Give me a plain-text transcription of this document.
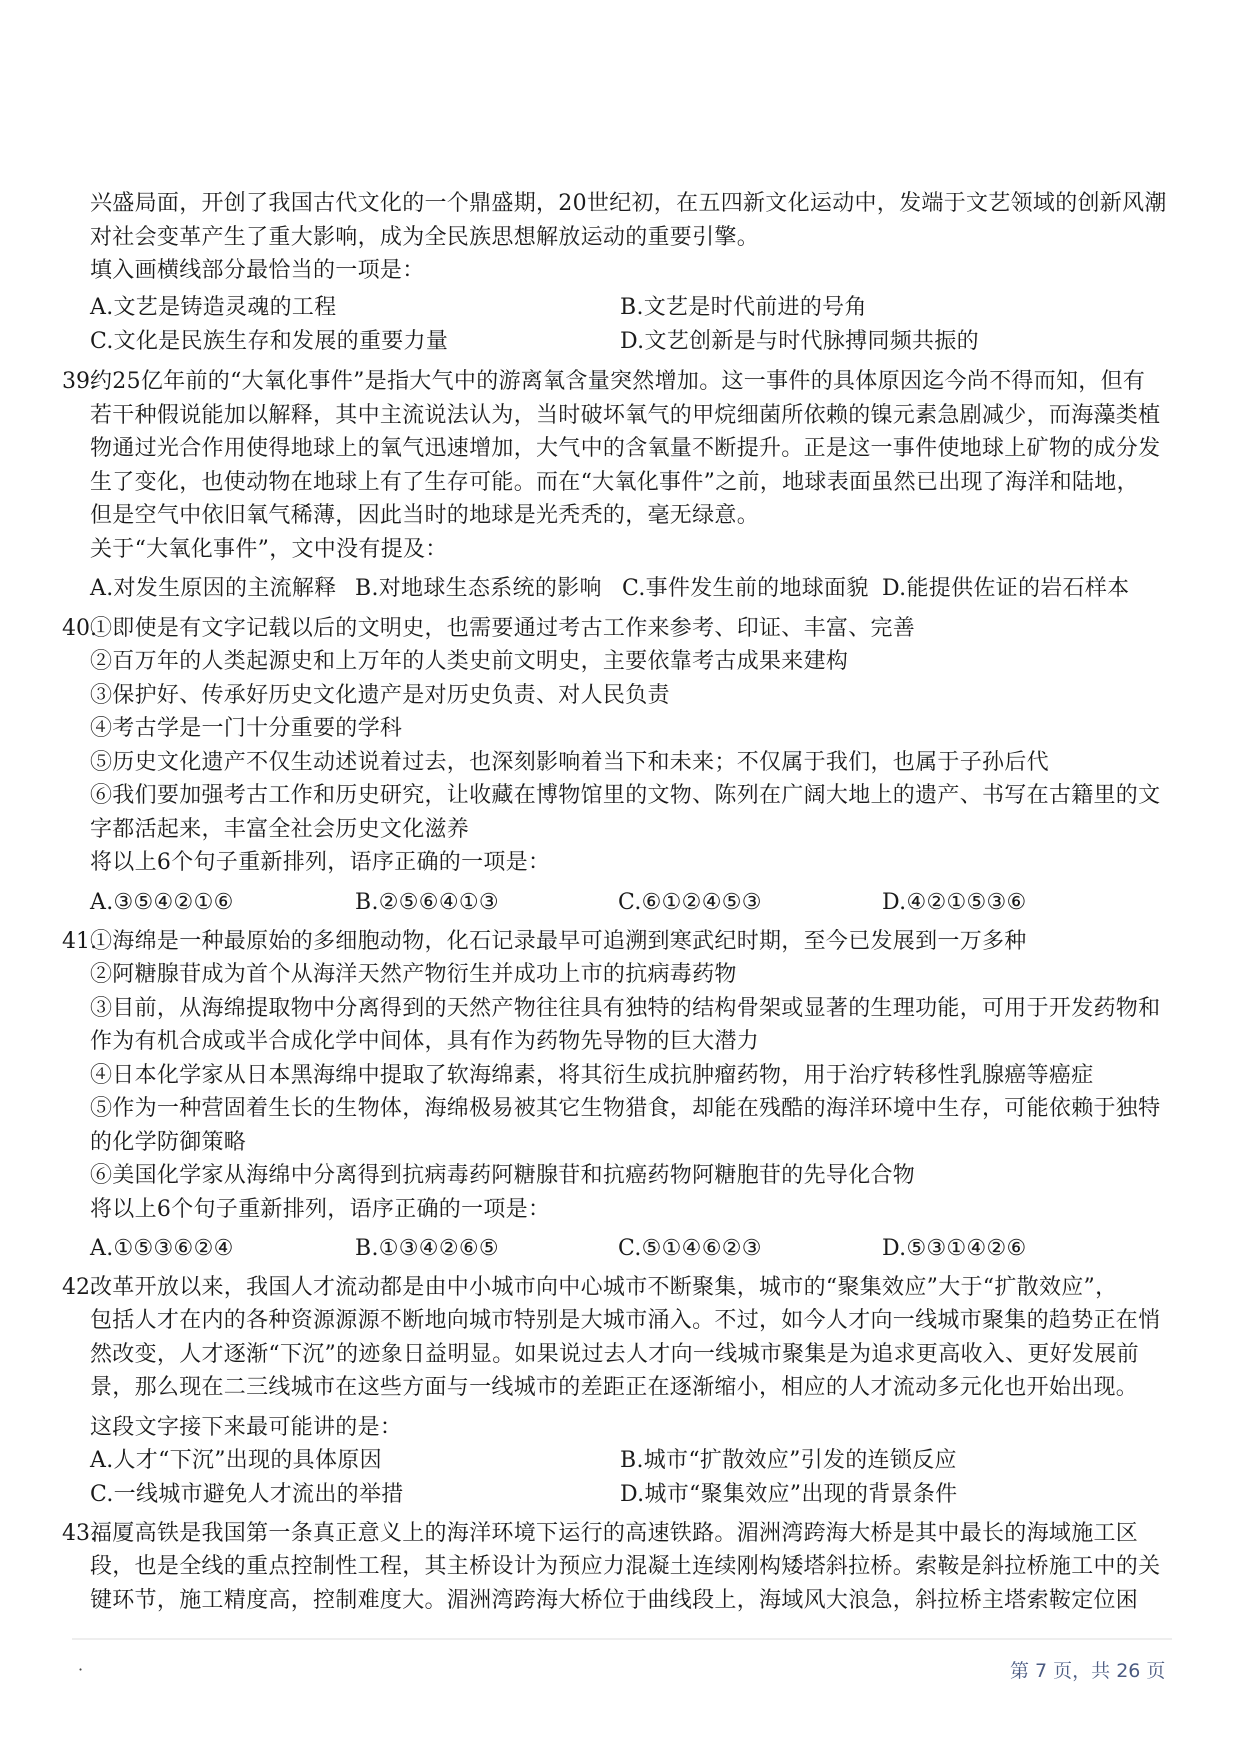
兴盛局面，开创了我国古代文化的一个鼎盛期，20世纪初，在五四新文化运动中，发端于文艺领域的创新风潮
对社会变革产生了重大影响，成为全民族思想解放运动的重要引擎。
填入画横线部分最恰当的一项是：
A.文艺是铸造灵魂的工程	B.文艺是时代前进的号角
C.文化是民族生存和发展的重要力量	D.文艺创新是与时代脉搏同频共振的
39.
约25亿年前的“大氧化事件”是指大气中的游离氧含量突然增加。这一事件的具体原因迄今尚不得而知，但有
若干种假说能加以解释，其中主流说法认为，当时破坏氧气的甲烷细菌所依赖的镍元素急剧减少，而海藻类植
物通过光合作用使得地球上的氧气迅速增加，大气中的含氧量不断提升。正是这一事件使地球上矿物的成分发
生了变化，也使动物在地球上有了生存可能。而在“大氧化事件”之前，地球表面虽然已出现了海洋和陆地，
但是空气中依旧氧气稀薄，因此当时的地球是光秃秃的，毫无绿意。
关于“大氧化事件”，文中没有提及：
A.对发生原因的主流解释 B.对地球生态系统的影响 C.事件发生前的地球面貌 D.能提供佐证的岩石样本
40.
①即使是有文字记载以后的文明史，也需要通过考古工作来参考、印证、丰富、完善
②百万年的人类起源史和上万年的人类史前文明史，主要依靠考古成果来建构
③保护好、传承好历史文化遗产是对历史负责、对人民负责
④考古学是一门十分重要的学科
⑤历史文化遗产不仅生动述说着过去，也深刻影响着当下和未来；不仅属于我们，也属于子孙后代
⑥我们要加强考古工作和历史研究，让收藏在博物馆里的文物、陈列在广阔大地上的遗产、书写在古籍里的文
字都活起来，丰富全社会历史文化滋养
将以上6个句子重新排列，语序正确的一项是：
A.③⑤④②①⑥	B.②⑤⑥④①③	C.⑥①②④⑤③	D.④②①⑤③⑥
41.
①海绵是一种最原始的多细胞动物，化石记录最早可追溯到寒武纪时期，至今已发展到一万多种
②阿糖腺苷成为首个从海洋天然产物衍生并成功上市的抗病毒药物
③目前，从海绵提取物中分离得到的天然产物往往具有独特的结构骨架或显著的生理功能，可用于开发药物和
作为有机合成或半合成化学中间体，具有作为药物先导物的巨大潜力
④日本化学家从日本黑海绵中提取了软海绵素，将其衍生成抗肿瘤药物，用于治疗转移性乳腺癌等癌症
⑤作为一种营固着生长的生物体，海绵极易被其它生物猎食，却能在残酷的海洋环境中生存，可能依赖于独特
的化学防御策略
⑥美国化学家从海绵中分离得到抗病毒药阿糖腺苷和抗癌药物阿糖胞苷的先导化合物
将以上6个句子重新排列，语序正确的一项是：
A.①⑤③⑥②④	B.①③④②⑥⑤	C.⑤①④⑥②③	D.⑤③①④②⑥
42.
改革开放以来，我国人才流动都是由中小城市向中心城市不断聚集，城市的“聚集效应”大于“扩散效应”，
包括人才在内的各种资源源源不断地向城市特别是大城市涌入。不过，如今人才向一线城市聚集的趋势正在悄
然改变，人才逐渐“下沉”的迹象日益明显。如果说过去人才向一线城市聚集是为追求更高收入、更好发展前
景，那么现在二三线城市在这些方面与一线城市的差距正在逐渐缩小，相应的人才流动多元化也开始出现。
这段文字接下来最可能讲的是：
A.人才“下沉”出现的具体原因	B.城市“扩散效应”引发的连锁反应
C.一线城市避免人才流出的举措	D.城市“聚集效应”出现的背景条件
43.
福厦高铁是我国第一条真正意义上的海洋环境下运行的高速铁路。湄洲湾跨海大桥是其中最长的海域施工区
段，也是全线的重点控制性工程，其主桥设计为预应力混凝土连续刚构矮塔斜拉桥。索鞍是斜拉桥施工中的关
键环节，施工精度高，控制难度大。湄洲湾跨海大桥位于曲线段上，海域风大浪急，斜拉桥主塔索鞍定位困
·	第 7 页，共 26 页
